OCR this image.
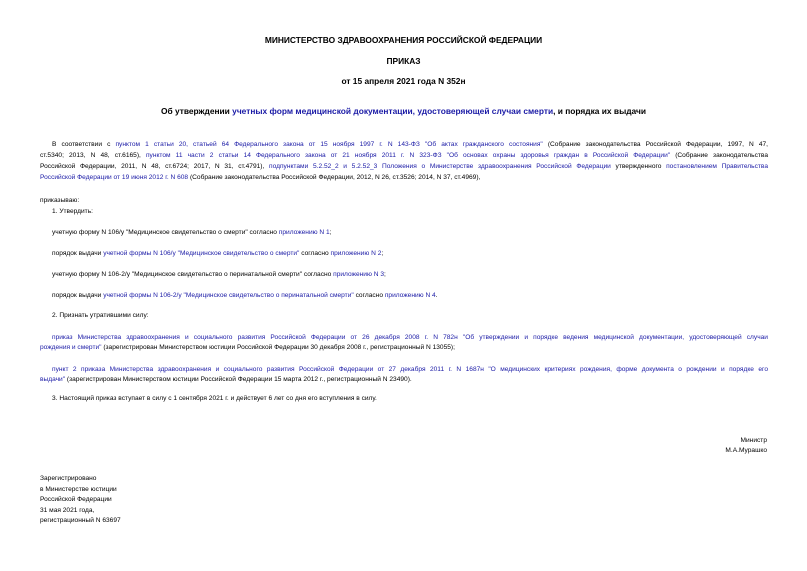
МИНИСТЕРСТВО ЗДРАВООХРАНЕНИЯ РОССИЙСКОЙ ФЕДЕРАЦИИ
ПРИКАЗ
от 15 апреля 2021 года N 352н
Об утверждении учетных форм медицинской документации, удостоверяющей случаи смерти, и порядка их выдачи
В соответствии с пунктом 1 статьи 20, статьей 64 Федерального закона от 15 ноября 1997 г. N 143-ФЗ "Об актах гражданского состояния" (Собрание законодательства Российской Федерации, 1997, N 47,
ст.5340; 2013, N 48, ст.6165), пунктом 11 части 2 статьи 14 Федерального закона от 21 ноября 2011 г. N 323-ФЗ "Об основах охраны здоровья граждан в Российской Федерации" (Собрание законодательства
Российской Федерации, 2011, N 48, ст.6724; 2017, N 31, ст.4791), подпунктами 5.2.52_2 и 5.2.52_3 Положения о Министерстве здравоохранения Российской Федерации утвержденного постановлением Правительства
Российской Федерации от 19 июня 2012 г. N 608 (Собрание законодательства Российской Федерации, 2012, N 26, ст.3526; 2014, N 37, ст.4969),
приказываю:
1. Утвердить:
учетную форму N 106/у "Медицинское свидетельство о смерти" согласно приложению N 1;
порядок выдачи учетной формы N 106/у "Медицинское свидетельство о смерти" согласно приложению N 2;
учетную форму N 106-2/у "Медицинское свидетельство о перинатальной смерти" согласно приложению N 3;
порядок выдачи учетной формы N 106-2/у "Медицинское свидетельство о перинатальной смерти" согласно приложению N 4.
2. Признать утратившими силу:
приказ Министерства здравоохранения и социального развития Российской Федерации от 26 декабря 2008 г. N 782н "Об утверждении и порядке ведения медицинской документации, удостоверяющей случаи
рождения и смерти" (зарегистрирован Министерством юстиции Российской Федерации 30 декабря 2008 г., регистрационный N 13055);
пункт 2 приказа Министерства здравоохранения и социального развития Российской Федерации от 27 декабря 2011 г. N 1687н "О медицинских критериях рождения, форме документа о рождении и порядке его
выдачи" (зарегистрирован Министерством юстиции Российской Федерации 15 марта 2012 г., регистрационный N 23490).
3. Настоящий приказ вступает в силу с 1 сентября 2021 г. и действует 6 лет со дня его вступления в силу.
Министр
М.А.Мурашко
Зарегистрировано
в Министерстве юстиции
Российской Федерации
31 мая 2021 года,
регистрационный N 63697
